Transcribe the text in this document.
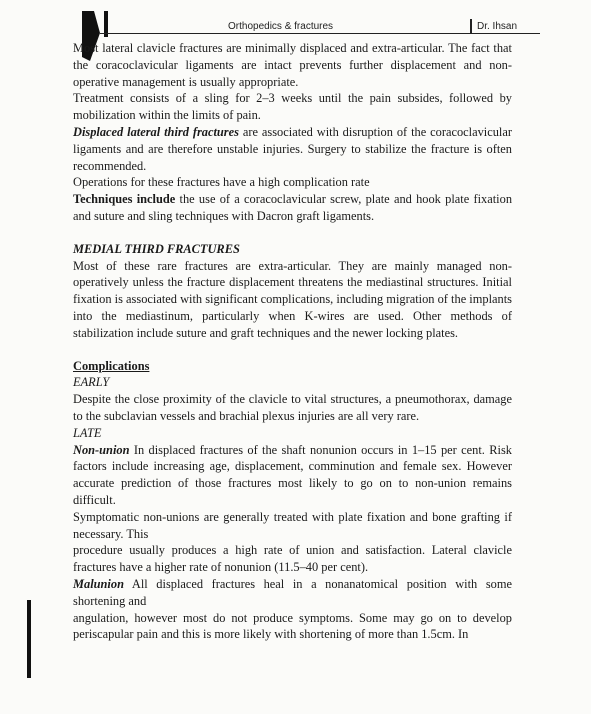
Orthopedics & fractures	Dr. Ihsan

Most lateral clavicle fractures are minimally displaced and extra-articular. The fact that the coracoclavicular ligaments are intact prevents further displacement and non-operative management is usually appropriate.

Treatment consists of a sling for 2–3 weeks until the pain subsides, followed by mobilization within the limits of pain.

Displaced lateral third fractures are associated with disruption of the coracoclavicular ligaments and are therefore unstable injuries. Surgery to stabilize the fracture is often recommended.

Operations for these fractures have a high complication rate

Techniques include the use of a coracoclavicular screw, plate and hook plate fixation and suture and sling techniques with Dacron graft ligaments.

MEDIAL THIRD FRACTURES

Most of these rare fractures are extra-articular. They are mainly managed non-operatively unless the fracture displacement threatens the mediastinal structures. Initial fixation is associated with significant complications, including migration of the implants into the mediastinum, particularly when K-wires are used. Other methods of stabilization include suture and graft techniques and the newer locking plates.

Complications

EARLY

Despite the close proximity of the clavicle to vital structures, a pneumothorax, damage to the subclavian vessels and brachial plexus injuries are all very rare.

LATE

Non-union In displaced fractures of the shaft nonunion occurs in 1–15 per cent. Risk factors include increasing age, displacement, comminution and female sex. However accurate prediction of those fractures most likely to go on to non-union remains difficult.

Symptomatic non-unions are generally treated with plate fixation and bone grafting if necessary. This

procedure usually produces a high rate of union and satisfaction. Lateral clavicle fractures have a higher rate of nonunion (11.5–40 per cent).

Malunion All displaced fractures heal in a nonanatomical position with some shortening and

angulation, however most do not produce symptoms. Some may go on to develop periscapular pain and this is more likely with shortening of more than 1.5cm. In
